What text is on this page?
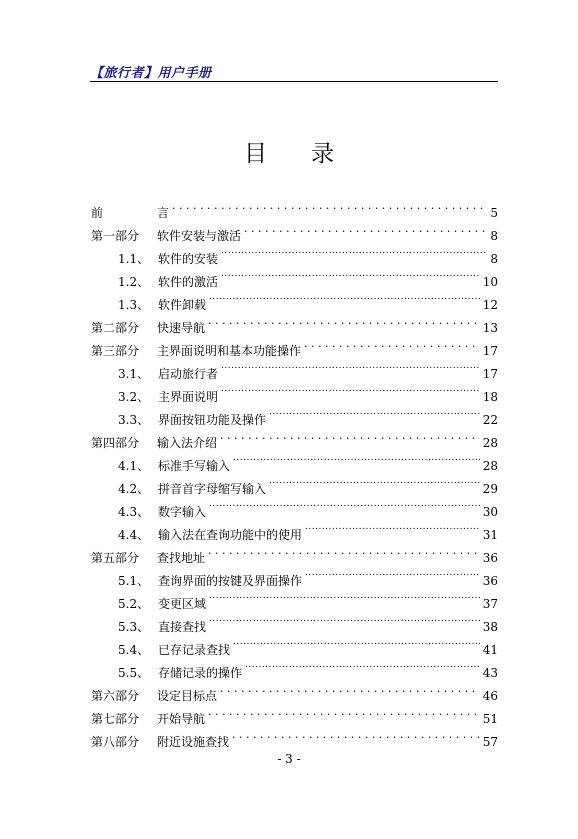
【旅行者】用户手册
目 录
前	言 . . .	5
第一部分	软件安装与激活 . . .	8
1.1、 软件的安装 .....	8
1.2、 软件的激活 .....	10
1.3、 软件卸载 .....	12
第二部分	快速导航 . . .	13
第三部分	主界面说明和基本功能操作 . . .	17
3.1、 启动旅行者 .....	17
3.2、 主界面说明 .....	18
3.3、 界面按钮功能及操作 .....	22
第四部分	输入法介绍 . . .	28
4.1、 标准手写输入 .....	28
4.2、 拼音首字母缩写输入 .....	29
4.3、 数字输入 .....	30
4.4、 输入法在查询功能中的使用 .....	31
第五部分	查找地址 . . .	36
5.1、 查询界面的按键及界面操作 .....	36
5.2、 变更区域 .....	37
5.3、 直接查找 .....	38
5.4、 已存记录查找 .....	41
5.5、 存储记录的操作 .....	43
第六部分	设定目标点 . . .	46
第七部分	开始导航 . . .	51
第八部分	附近设施查找 . . .	57
- 3 -
